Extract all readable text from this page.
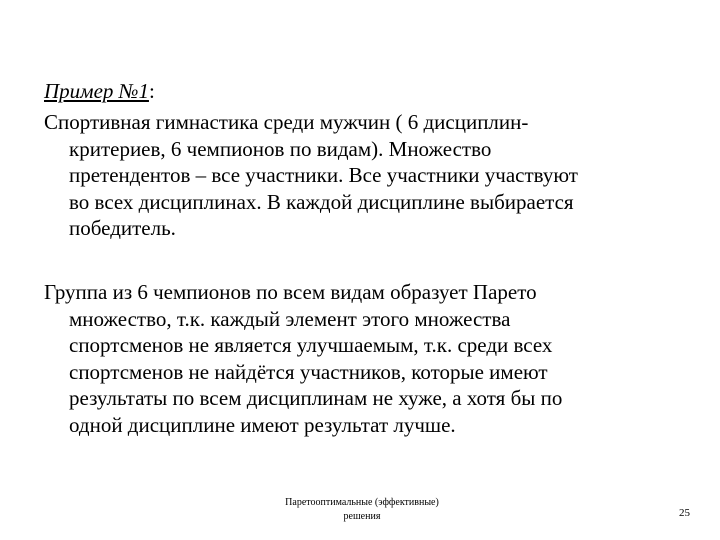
Пример №1:

Спортивная гимнастика среди мужчин ( 6 дисциплин-
критериев, 6 чемпионов по видам). Множество
претендентов – все участники. Все участники участвуют
во всех дисциплинах. В каждой дисциплине выбирается
победитель.

Группа из 6 чемпионов по всем видам образует Парето
множество, т.к. каждый элемент этого множества
спортсменов не является улучшаемым, т.к. среди всех
спортсменов не найдётся участников, которые имеют
результаты по всем дисциплинам не хуже, а хотя бы по
одной дисциплине имеют результат лучше.

Паретооптимальные (эффективные)
решения	25
